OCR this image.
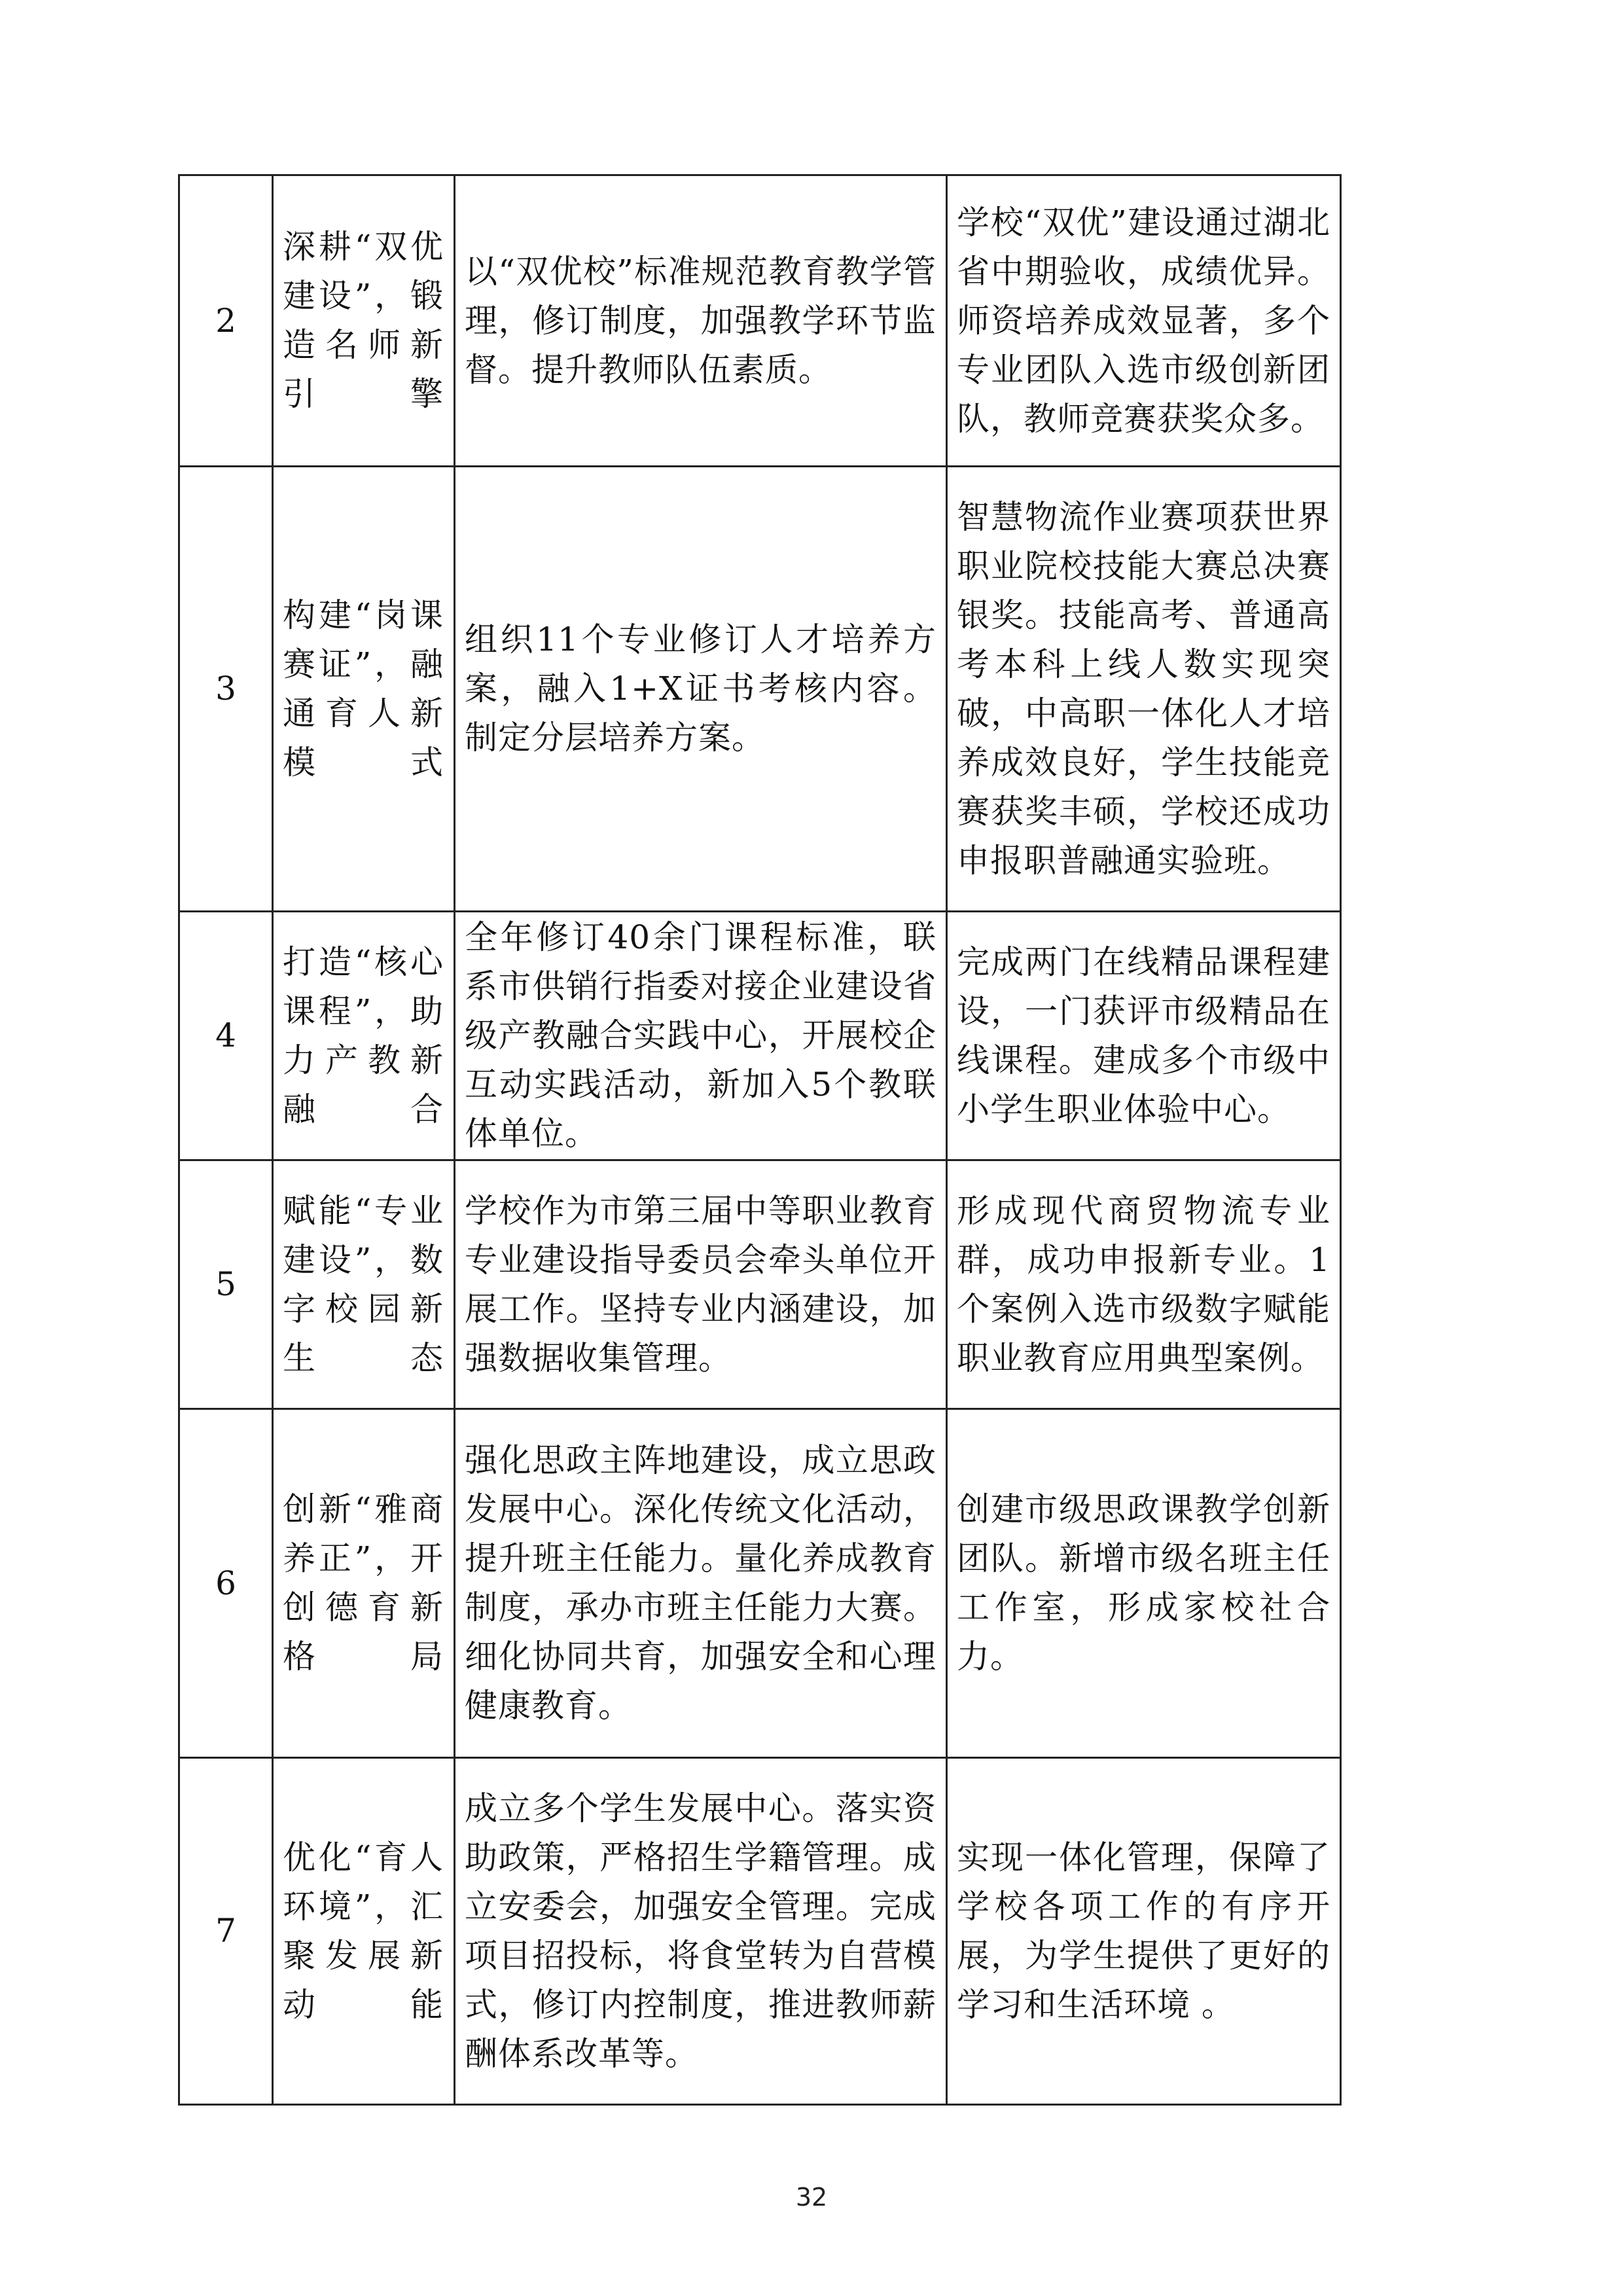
2	深耕“双优建设”，锻造名师新引擎	以“双优校”标准规范教育教学管理，修订制度，加强教学环节监督。提升教师队伍素质。	学校“双优”建设通过湖北省中期验收，成绩优异。师资培养成效显著，多个专业团队入选市级创新团队，教师竞赛获奖众多。
3	构建“岗课赛证”，融通育人新模式	组织11个专业修订人才培养方案，融入1+X证书考核内容。制定分层培养方案。	智慧物流作业赛项获世界职业院校技能大赛总决赛银奖。技能高考、普通高考本科上线人数实现突破，中高职一体化人才培养成效良好，学生技能竞赛获奖丰硕，学校还成功申报职普融通实验班。
4	打造“核心课程”，助力产教新融合	全年修订40余门课程标准，联系市供销行指委对接企业建设省级产教融合实践中心，开展校企互动实践活动，新加入5个教联体单位。	完成两门在线精品课程建设，一门获评市级精品在线课程。建成多个市级中小学生职业体验中心。
5	赋能“专业建设”，数字校园新生态	学校作为市第三届中等职业教育专业建设指导委员会牵头单位开展工作。坚持专业内涵建设，加强数据收集管理。	形成现代商贸物流专业群，成功申报新专业。1个案例入选市级数字赋能职业教育应用典型案例。
6	创新“雅商养正”，开创德育新格局	强化思政主阵地建设，成立思政发展中心。深化传统文化活动，提升班主任能力。量化养成教育制度，承办市班主任能力大赛。细化协同共育，加强安全和心理健康教育。	创建市级思政课教学创新团队。新增市级名班主任工作室，形成家校社合力。
7	优化“育人环境”，汇聚发展新动能	成立多个学生发展中心。落实资助政策，严格招生学籍管理。成立安委会，加强安全管理。完成项目招投标，将食堂转为自营模式，修订内控制度，推进教师薪酬体系改革等。	实现一体化管理，保障了学校各项工作的有序开展，为学生提供了更好的学习和生活环境 。
32
